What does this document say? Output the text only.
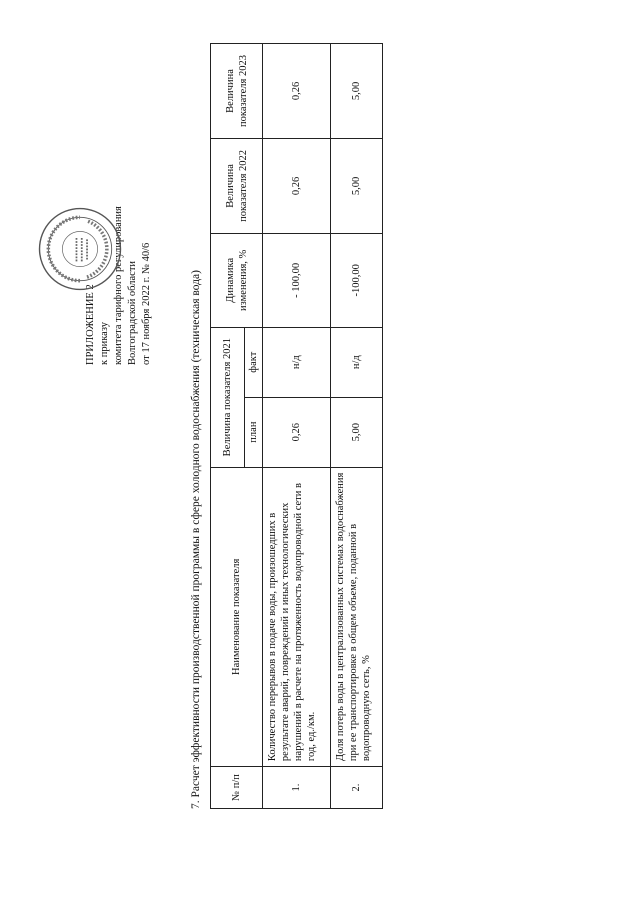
ПРИЛОЖЕНИЕ 2 к приказу комитета тарифного регулирования Волгоградской области от 17 ноября 2022 г. № 40/6	7. Расчет эффективности производственной программы в сфере холодного водоснабжения (техническая вода)	№ п/п	Наименование показателя	Величина показателя 2021		Динамика изменения, %	Величина показателя 2022	Величина показателя 2023
		план	факт			
1.	Количество перерывов в подаче воды, произошедших в результате аварий, повреждений и иных технологических нарушений в расчете на протяженность водопроводной сети в год, ед./км.	0,26	н/д	- 100,00	0,26	0,26
2.	Доля потерь воды в централизованных системах водоснабжения при ее транспортировке в общем объеме, поданной в водопроводную сеть, %	5,00	н/д	-100,00	5,00	5,00
